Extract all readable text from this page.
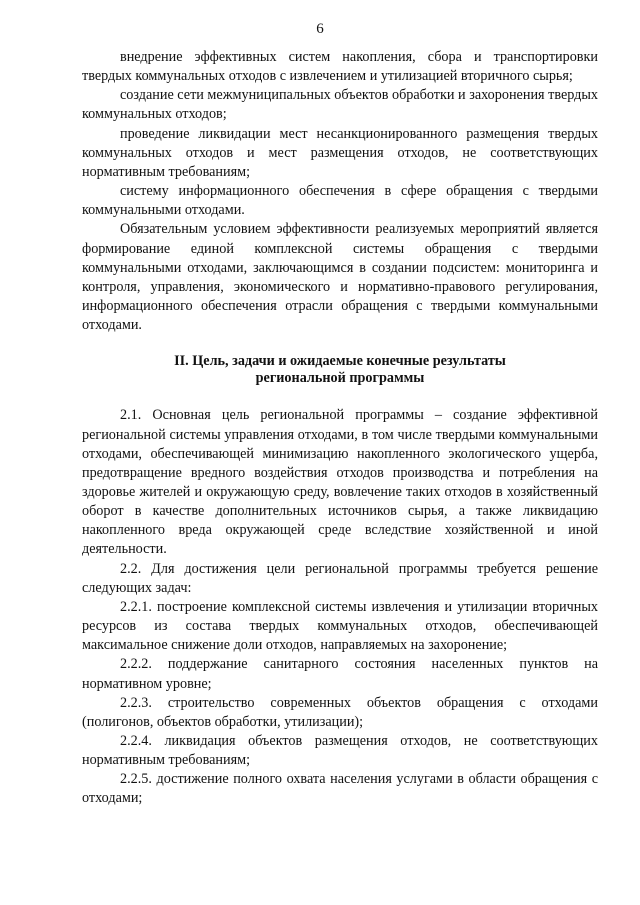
6

внедрение эффективных систем накопления, сбора и транспортировки твердых коммунальных отходов с извлечением и утилизацией вторичного сырья;

создание сети межмуниципальных объектов обработки и захоронения твердых коммунальных отходов;

проведение ликвидации мест несанкционированного размещения твердых коммунальных отходов и мест размещения отходов, не соответствующих нормативным требованиям;

систему информационного обеспечения в сфере обращения с твердыми коммунальными отходами.

Обязательным условием эффективности реализуемых мероприятий является формирование единой комплексной системы обращения с твердыми коммунальными отходами, заключающимся в создании подсистем: мониторинга и контроля, управления, экономического и нормативно-правового регулирования, информационного обеспечения отрасли обращения с твердыми коммунальными отходами.

II. Цель, задачи и ожидаемые конечные результаты
региональной программы

2.1. Основная цель региональной программы – создание эффективной региональной системы управления отходами, в том числе твердыми коммунальными отходами, обеспечивающей минимизацию накопленного экологического ущерба, предотвращение вредного воздействия отходов производства и потребления на здоровье жителей и окружающую среду, вовлечение таких отходов в хозяйственный оборот в качестве дополнительных источников сырья, а также ликвидацию накопленного вреда окружающей среде вследствие хозяйственной и иной деятельности.

2.2. Для достижения цели региональной программы требуется решение следующих задач:

2.2.1. построение комплексной системы извлечения и утилизации вторичных ресурсов из состава твердых коммунальных отходов, обеспечивающей максимальное снижение доли отходов, направляемых на захоронение;

2.2.2. поддержание санитарного состояния населенных пунктов на нормативном уровне;

2.2.3. строительство современных объектов обращения с отходами (полигонов, объектов обработки, утилизации);

2.2.4. ликвидация объектов размещения отходов, не соответствующих нормативным требованиям;

2.2.5. достижение полного охвата населения услугами в области обращения с отходами;
